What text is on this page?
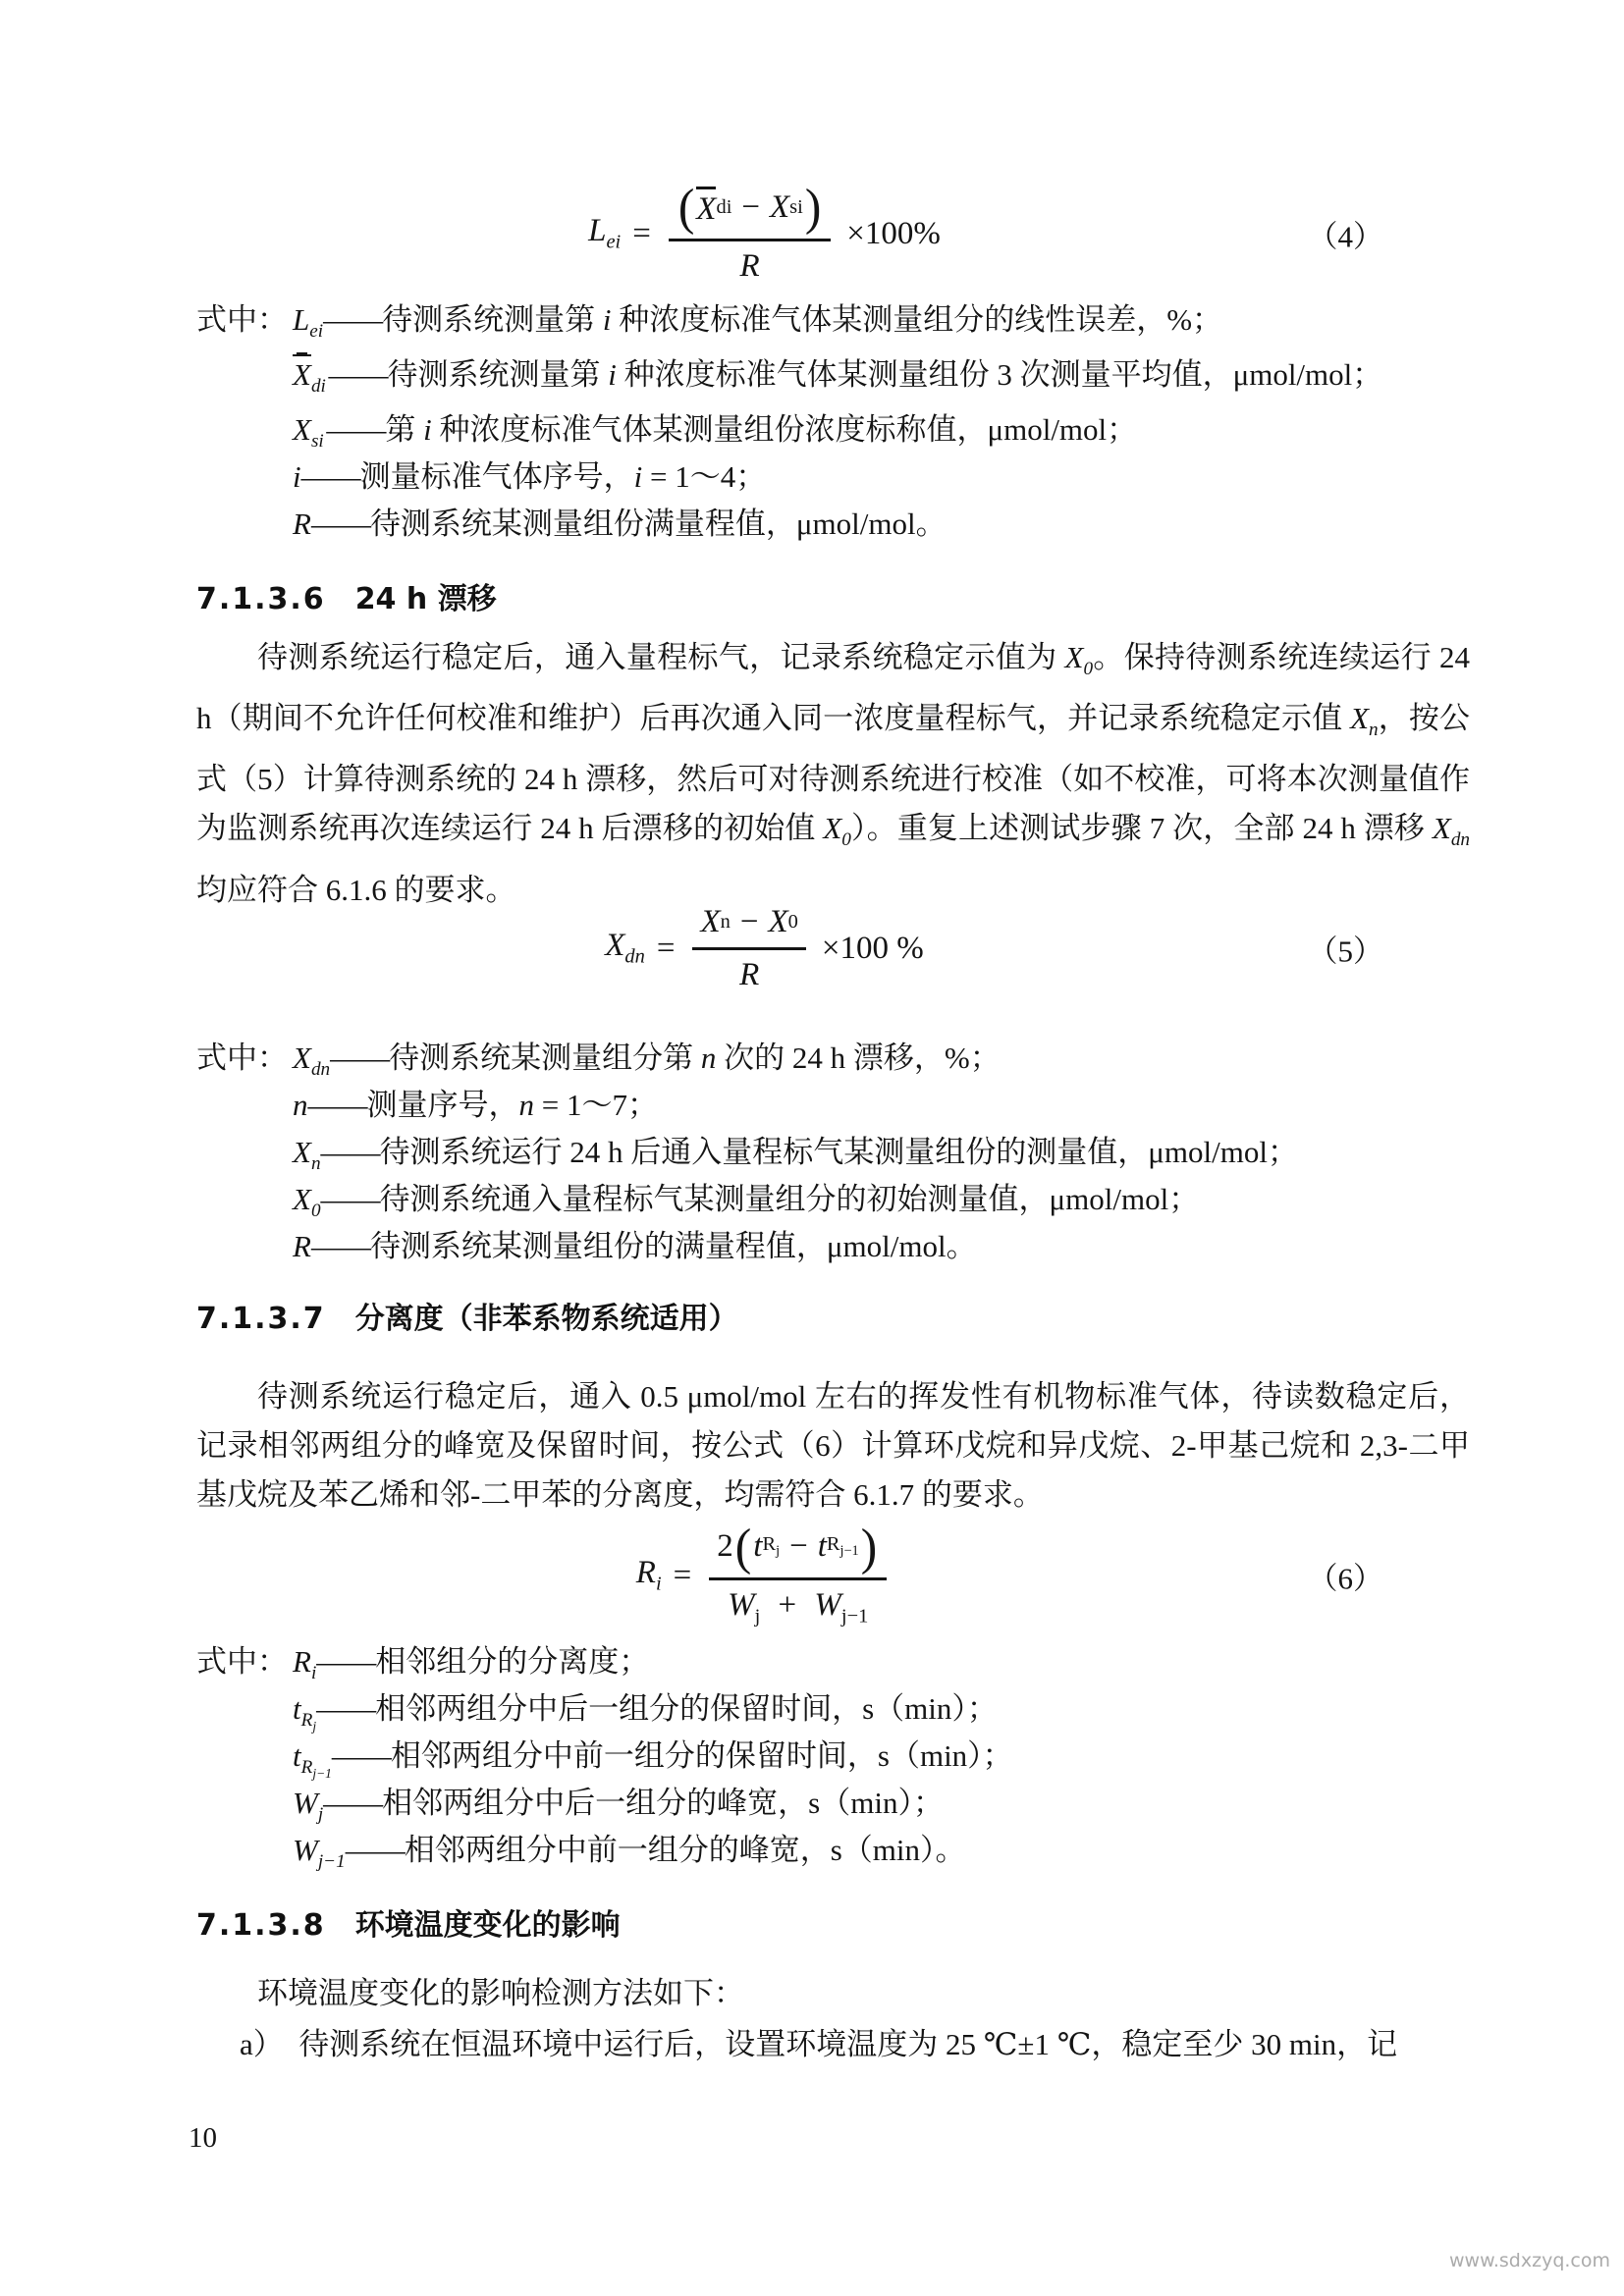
$L_{ei} = \frac{\text{( X di − X si )}}{R} \times 100\%$	（4）
式中： $L_{ei}$ —— 待测系统测量第 i 种浓度标准气体某测量组分的线性误差，%；
$X_{di}$  —— 待测系统测量第 i 种浓度标准气体某测量组份 3 次测量平均值，μmol/mol；
$X_{si}$  —— 第 i 种浓度标准气体某测量组份浓度标称值，μmol/mol；
i —— 测量标准气体序号，i = 1～4；
R —— 待测系统某测量组份满量程值，μmol/mol。
7.1.3.6 24 h 漂移
待测系统运行稳定后，通入量程标气，记录系统稳定示值为 $X_0$。保持待测系统连续运行 24 h（期间不允许任何校准和维护）后再次通入同一浓度量程标气，并记录系统稳定示值 $X_n$，按公式（5）计算待测系统的 24 h 漂移，然后可对待测系统进行校准（如不校准，可将本次测量值作为监测系统再次连续运行 24 h 后漂移的初始值 $X_0$）。重复上述测试步骤 7 次，全部 24 h 漂移 $X_{dn}$ 均应符合 6.1.6 的要求。
$X_{dn} = \frac{\text{X n − X 0}}{R} \times 100$ %	（5）
式中： $X_{dn}$ —— 待测系统某测量组分第 n 次的 24 h 漂移，%；
n —— 测量序号，n = 1～7；
$X_n$ —— 待测系统运行 24 h 后通入量程标气某测量组份的测量值，μmol/mol；
$X_0$ —— 待测系统通入量程标气某测量组分的初始测量值，μmol/mol；
R —— 待测系统某测量组份的满量程值，μmol/mol。
7.1.3.7 分离度（非苯系物系统适用）
待测系统运行稳定后，通入 0.5 μmol/mol 左右的挥发性有机物标准气体，待读数稳定后，记录相邻两组分的峰宽及保留时间，按公式（6）计算环戊烷和异戊烷、2-甲基己烷和 2,3-二甲基戊烷及苯乙烯和邻-二甲苯的分离度，均需符合 6.1.7 的要求。
$R_i$ =
2 ( t $R_j - t$ $R_{j-1}$ )
$W_j + W_{j-1}$
（6）
式中： $R_i$ —— 相邻组分的分离度；
$t_{R_j}$
—— 相邻两组分中后一组分的保留时间，s（min）；
$t_{R_{j-1}}$
—— 相邻两组分中前一组分的保留时间，s（min）；
$W_j$ —— 相邻两组分中后一组分的峰宽，s（min）；
$W_{j-1}$ —— 相邻两组分中前一组分的峰宽，s（min）。
7.1.3.8 环境温度变化的影响
环境温度变化的影响检测方法如下：
a）  待测系统在恒温环境中运行后，设置环境温度为 25 ℃±1 ℃，稳定至少 30 min，记
10
www.sdxzyq.com
